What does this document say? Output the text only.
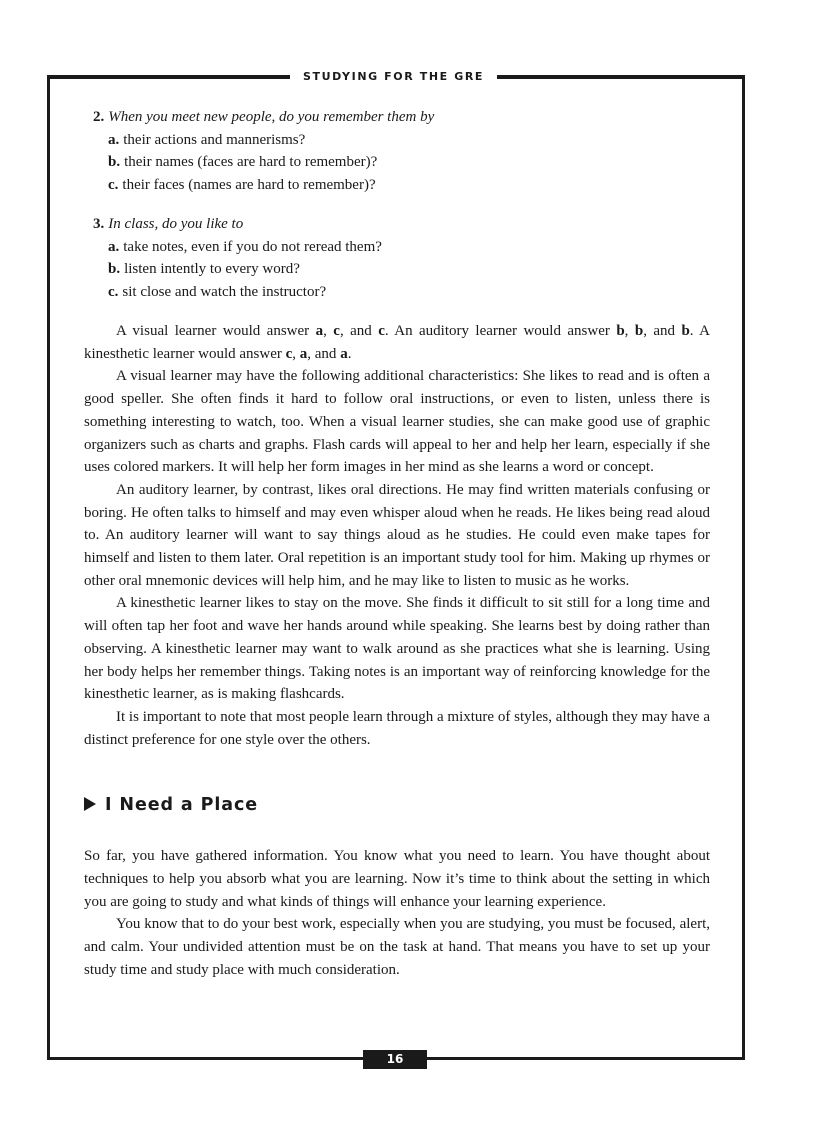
STUDYING FOR THE GRE
16
2. When you meet new people, do you remember them by
a. their actions and mannerisms?
b. their names (faces are hard to remember)?
c. their faces (names are hard to remember)?
3. In class, do you like to
a. take notes, even if you do not reread them?
b. listen intently to every word?
c. sit close and watch the instructor?

A visual learner would answer a, c, and c. An auditory learner would answer b, b, and b. A kinesthetic learner would answer c, a, and a.

A visual learner may have the following additional characteristics: She likes to read and is often a good speller. She often finds it hard to follow oral instructions, or even to listen, unless there is something interesting to watch, too. When a visual learner studies, she can make good use of graphic organizers such as charts and graphs. Flash cards will appeal to her and help her learn, especially if she uses colored markers. It will help her form images in her mind as she learns a word or concept.

An auditory learner, by contrast, likes oral directions. He may find written materials confusing or boring. He often talks to himself and may even whisper aloud when he reads. He likes being read aloud to. An auditory learner will want to say things aloud as he studies. He could even make tapes for himself and listen to them later. Oral repetition is an important study tool for him. Making up rhymes or other oral mnemonic devices will help him, and he may like to listen to music as he works.

A kinesthetic learner likes to stay on the move. She finds it difficult to sit still for a long time and will often tap her foot and wave her hands around while speaking. She learns best by doing rather than observing. A kinesthetic learner may want to walk around as she practices what she is learning. Using her body helps her remember things. Taking notes is an important way of reinforcing knowledge for the kinesthetic learner, as is making flashcards.

It is important to note that most people learn through a mixture of styles, although they may have a distinct preference for one style over the others.

I Need a Place

So far, you have gathered information. You know what you need to learn. You have thought about techniques to help you absorb what you are learning. Now it’s time to think about the setting in which you are going to study and what kinds of things will enhance your learning experience.

You know that to do your best work, especially when you are studying, you must be focused, alert, and calm. Your undivided attention must be on the task at hand. That means you have to set up your study time and study place with much consideration.
